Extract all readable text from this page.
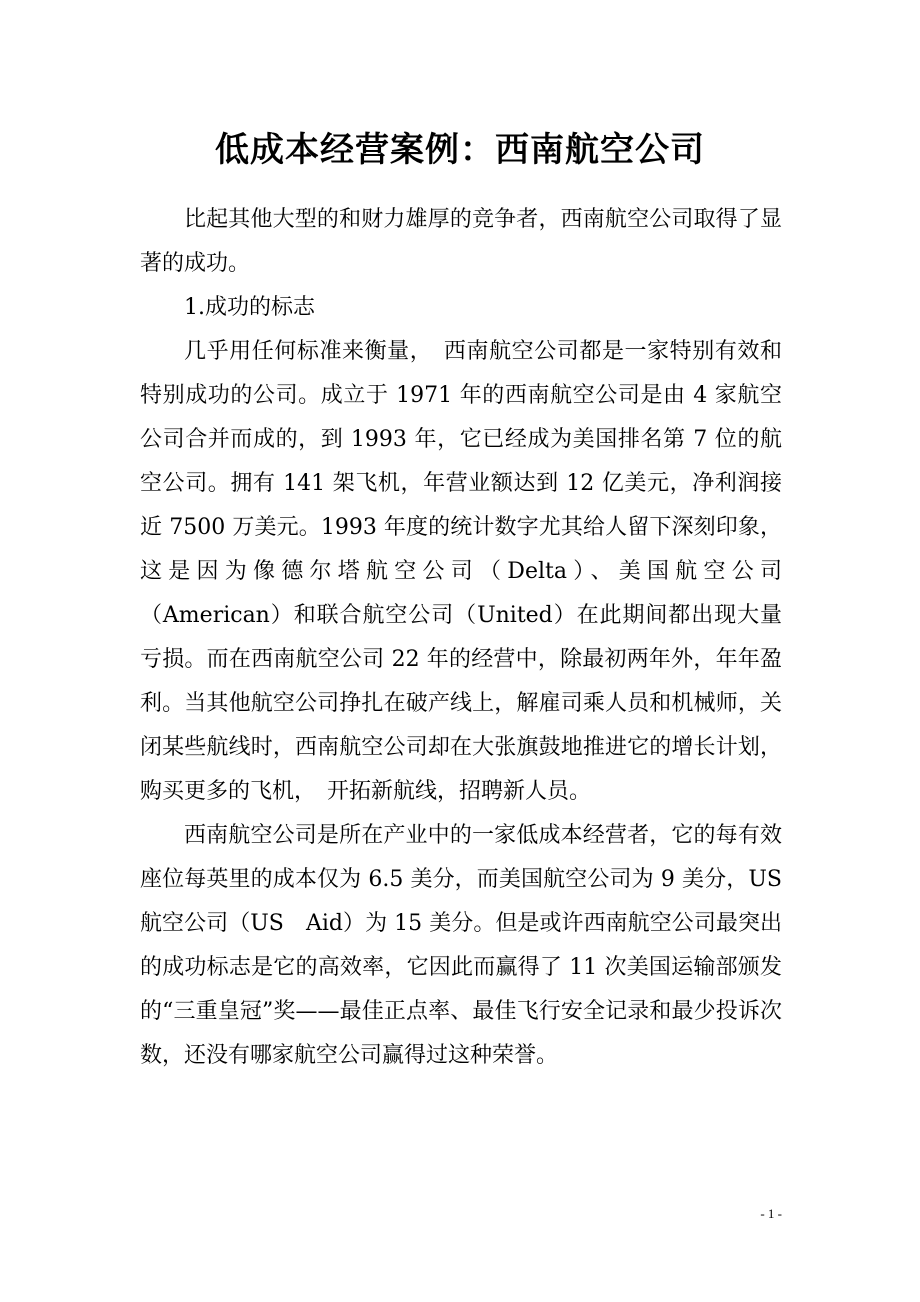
低成本经营案例：西南航空公司

比起其他大型的和财力雄厚的竞争者，西南航空公司取得了显著的成功。

1.成功的标志

几乎用任何标准来衡量，　西南航空公司都是一家特别有效和特别成功的公司。成立于 1971 年的西南航空公司是由 4 家航空公司合并而成的，到 1993 年，它已经成为美国排名第 7 位的航空公司。拥有 141 架飞机，年营业额达到 12 亿美元，净利润接近 7500 万美元。1993 年度的统计数字尤其给人留下深刻印象，这是因为像德尔塔航空公司（Delta）、美国航空公司（American）和联合航空公司（United）在此期间都出现大量亏损。而在西南航空公司 22 年的经营中，除最初两年外，年年盈利。当其他航空公司挣扎在破产线上，解雇司乘人员和机械师，关闭某些航线时，西南航空公司却在大张旗鼓地推进它的增长计划，购买更多的飞机，　开拓新航线，招聘新人员。

西南航空公司是所在产业中的一家低成本经营者，它的每有效座位每英里的成本仅为 6.5 美分，而美国航空公司为 9 美分，US 航空公司（US　Aid）为 15 美分。但是或许西南航空公司最突出的成功标志是它的高效率，它因此而赢得了 11 次美国运输部颁发的“三重皇冠”奖——最佳正点率、最佳飞行安全记录和最少投诉次数，还没有哪家航空公司赢得过这种荣誉。

- 1 -
